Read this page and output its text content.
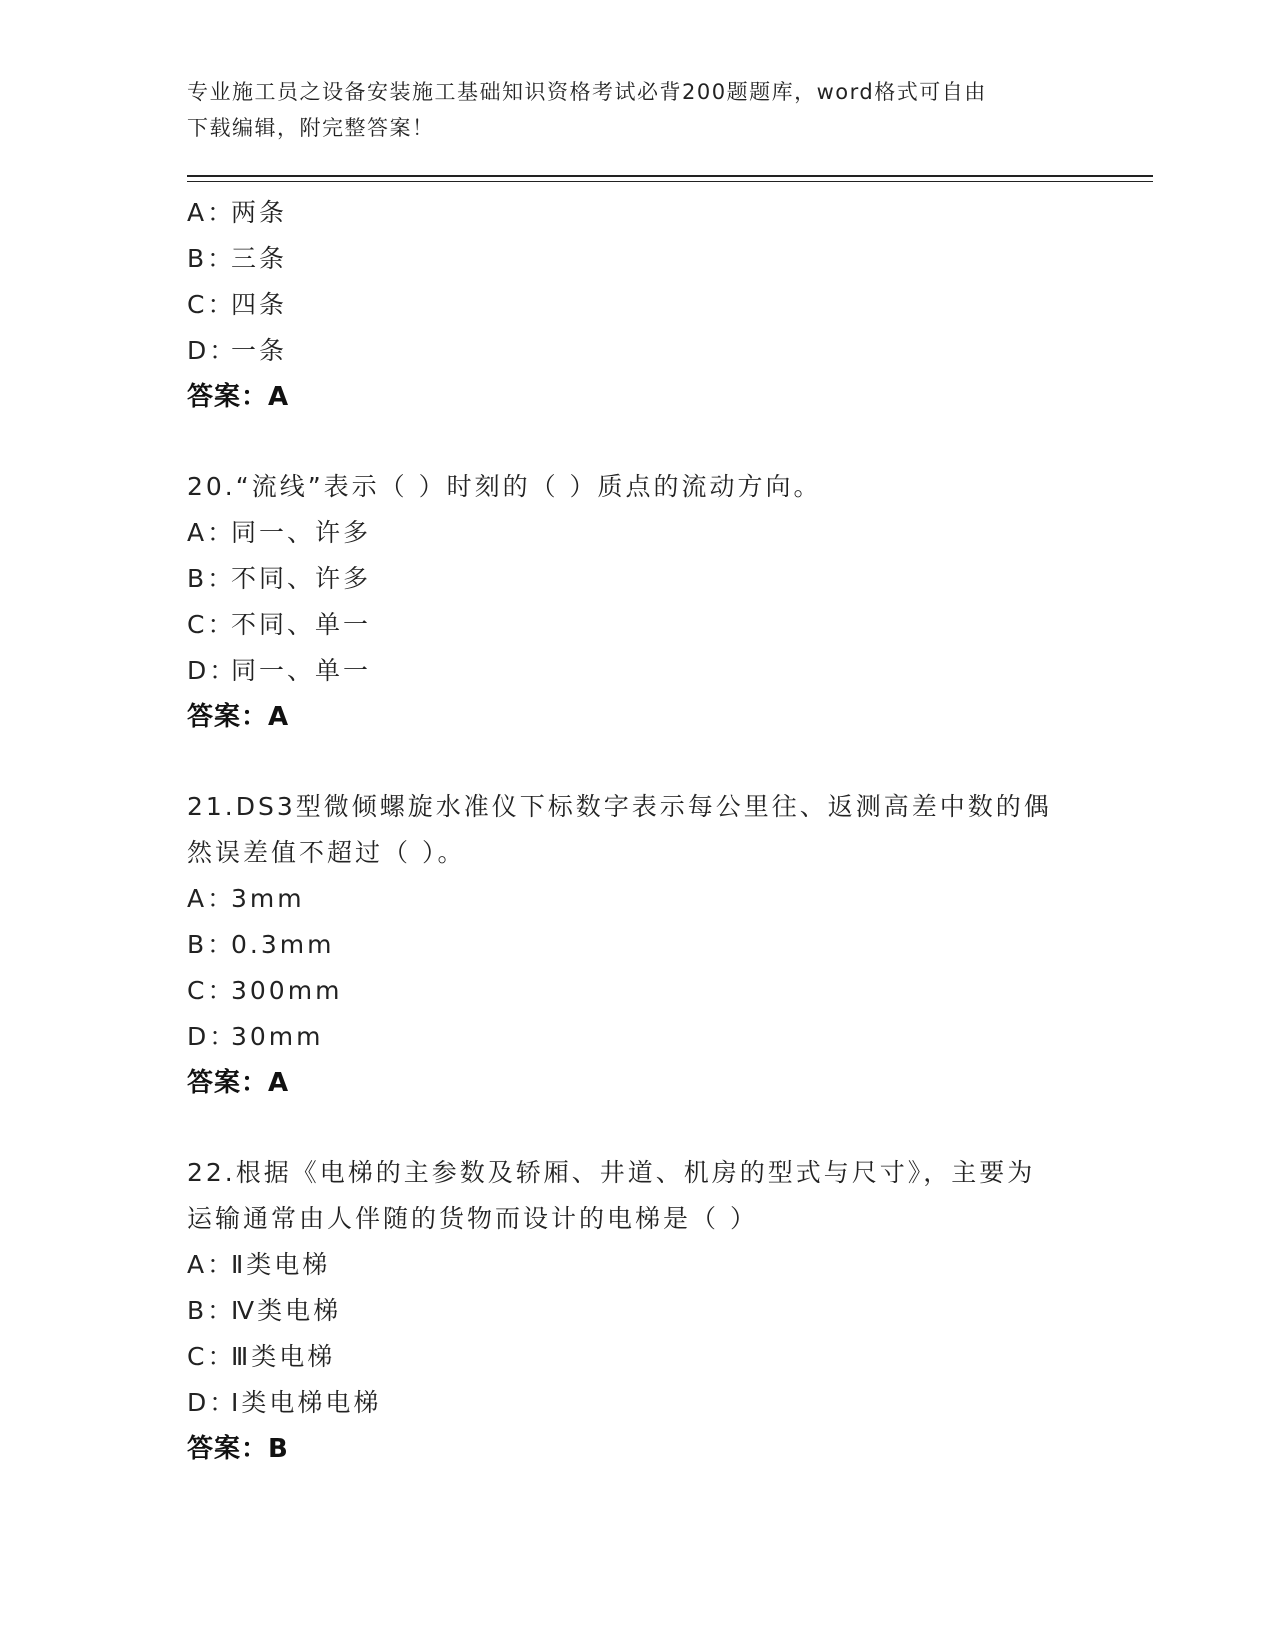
专业施工员之设备安装施工基础知识资格考试必背200题题库，word格式可自由
下载编辑，附完整答案！
A：两条
B：三条
C：四条
D：一条
答案：A
20.“流线”表示（ ）时刻的（ ）质点的流动方向。
A：同一、许多
B：不同、许多
C：不同、单一
D：同一、单一
答案：A
21.DS3型微倾螺旋水准仪下标数字表示每公里往、返测高差中数的偶
然误差值不超过（ ）。
A：3mm
B：0.3mm
C：300mm
D：30mm
答案：A
22.根据《电梯的主参数及轿厢、井道、机房的型式与尺寸》，主要为
运输通常由人伴随的货物而设计的电梯是（ ）
A：Ⅱ类电梯
B：Ⅳ类电梯
C：Ⅲ类电梯
D：Ⅰ类电梯电梯
答案：B
